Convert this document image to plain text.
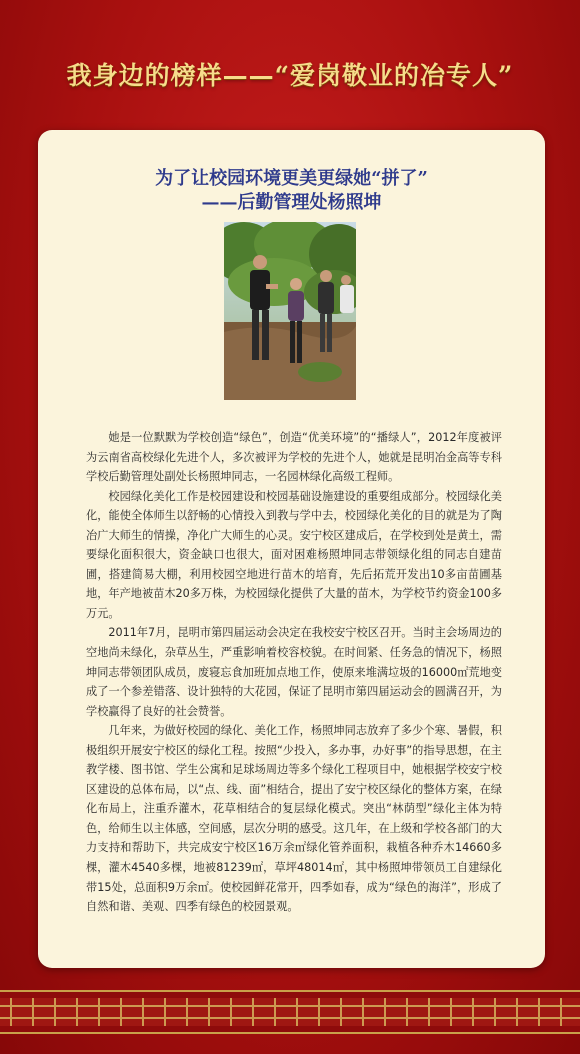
我身边的榜样——“爱岗敬业的冶专人”
为了让校园环境更美更绿她“拼了”
——后勤管理处杨照坤

她是一位默默为学校创造“绿色”，创造“优美环境”的“播绿人”，2012年度被评为云南省高校绿化先进个人，多次被评为学校的先进个人，她就是昆明冶金高等专科学校后勤管理处副处长杨照坤同志，一名园林绿化高级工程师。

校园绿化美化工作是校园建设和校园基础设施建设的重要组成部分。校园绿化美化，能使全体师生以舒畅的心情投入到教与学中去，校园绿化美化的目的就是为了陶冶广大师生的情操，净化广大师生的心灵。安宁校区建成后，在学校到处是黄土，需要绿化面积很大，资金缺口也很大，面对困难杨照坤同志带领绿化组的同志自建苗圃，搭建简易大棚，利用校园空地进行苗木的培育，先后拓荒开发出10多亩苗圃基地，年产地被苗木20多万株，为校园绿化提供了大量的苗木，为学校节约资金100多万元。

2011年7月，昆明市第四届运动会决定在我校安宁校区召开。当时主会场周边的空地尚未绿化，杂草丛生，严重影响着校容校貌。在时间紧、任务急的情况下，杨照坤同志带领团队成员，废寝忘食加班加点地工作，使原来堆满垃圾的16000㎡荒地变成了一个参差错落、设计独特的大花园，保证了昆明市第四届运动会的圆满召开，为学校赢得了良好的社会赞誉。

几年来，为做好校园的绿化、美化工作，杨照坤同志放弃了多少个寒、暑假，积极组织开展安宁校区的绿化工程。按照“少投入，多办事，办好事”的指导思想，在主教学楼、图书馆、学生公寓和足球场周边等多个绿化工程项目中，她根据学校安宁校区建设的总体布局，以“点、线、面”相结合，提出了安宁校区绿化的整体方案，在绿化布局上，注重乔灌木，花草相结合的复层绿化模式。突出“林荫型”绿化主体为特色，给师生以主体感，空间感，层次分明的感受。这几年，在上级和学校各部门的大力支持和帮助下，共完成安宁校区16万余㎡绿化管养面积，栽植各种乔木14660多棵，灌木4540多棵，地被81239㎡，草坪48014㎡，其中杨照坤带领员工自建绿化带15处，总面积9万余㎡。使校园鲜花常开，四季如春，成为“绿色的海洋”，形成了自然和谐、美观、四季有绿色的校园景观。
